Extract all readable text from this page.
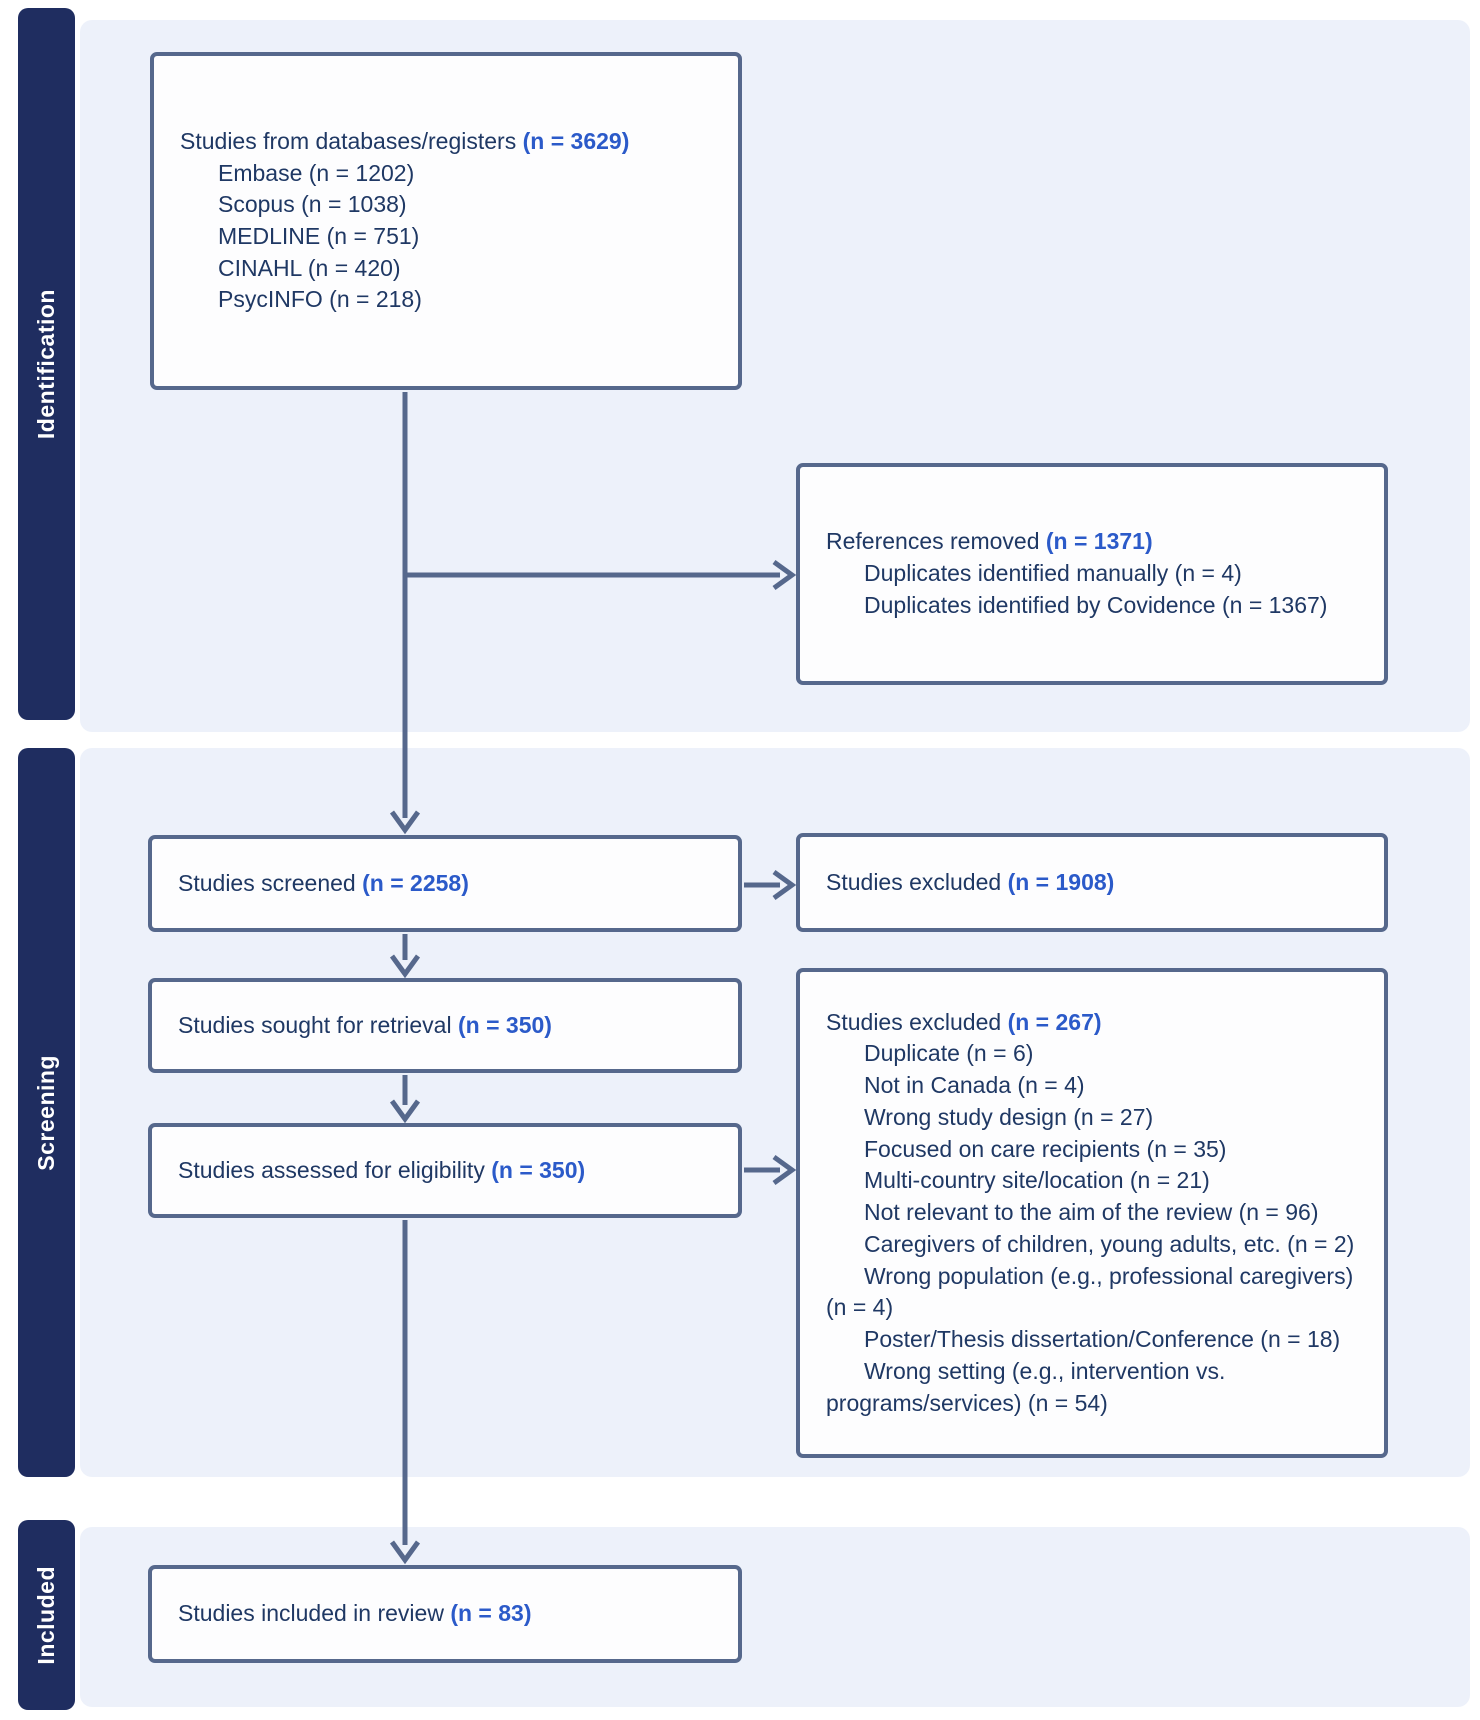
Identification
Screening
Included
Studies from databases/registers (n = 3629)
Embase (n = 1202)
Scopus (n = 1038)
MEDLINE (n = 751)
CINAHL (n = 420)
PsycINFO (n = 218)
References removed (n = 1371)
Duplicates identified manually (n = 4)
Duplicates identified by Covidence (n = 1367)
Studies screened (n = 2258)	Studies excluded (n = 1908)
Studies sought for retrieval (n = 350)
Studies assessed for eligibility (n = 350)
Studies excluded (n = 267)
Duplicate (n = 6)
Not in Canada (n = 4)
Wrong study design (n = 27)
Focused on care recipients (n = 35)
Multi-country site/location (n = 21)
Not relevant to the aim of the review (n = 96)
Caregivers of children, young adults, etc. (n = 2)
Wrong population (e.g., professional caregivers) (n = 4)
Poster/Thesis dissertation/Conference (n = 18)
Wrong setting (e.g., intervention vs. programs/services) (n = 54)
Studies included in review (n = 83)
